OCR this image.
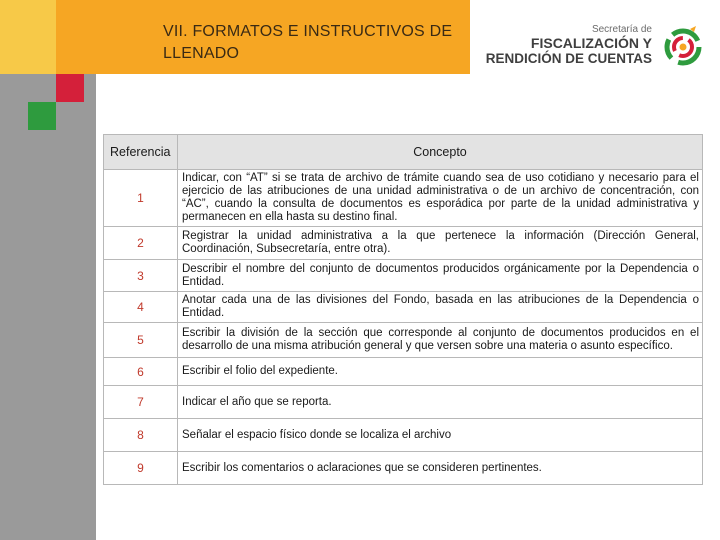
VII. FORMATOS E INSTRUCTIVOS DE
LLENADO
Secretaría de
FISCALIZACIÓN Y
RENDICIÓN DE CUENTAS
Referencia	Concepto
1	Indicar, con “AT” si se trata de archivo de trámite cuando sea de uso cotidiano y necesario para el ejercicio de las atribuciones de una unidad administrativa o de un archivo de concentración, con “AC”, cuando la consulta de documentos es esporádica por parte de la unidad administrativa y permanecen en ella hasta su destino final.
2	Registrar la unidad administrativa a la que pertenece la información (Dirección General, Coordinación, Subsecretaría, entre otra).
3	Describir el nombre del conjunto de documentos producidos orgánicamente por la Dependencia o Entidad.
4	Anotar cada una de las divisiones del Fondo, basada en las atribuciones de la Dependencia o Entidad.
5	Escribir la división de la sección que corresponde al conjunto de documentos producidos en el desarrollo de una misma atribución general y que versen sobre una materia o asunto específico.
6	Escribir el folio del expediente.
7	Indicar el año que se reporta.
8	Señalar el espacio físico donde se localiza el archivo
9	Escribir los comentarios o aclaraciones que se consideren pertinentes.
